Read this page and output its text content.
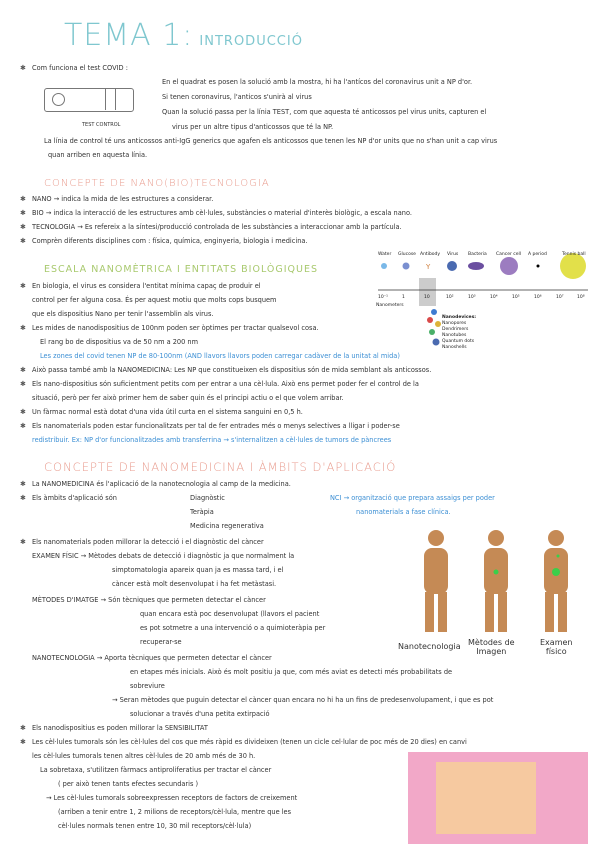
TEMA 1: INTRODUCCIÓ
✱ Com funciona el test COVID :
TEST CONTROL
En el quadrat es posen la solució amb la mostra, hi ha l'antícos del coronavirus unit a NP d'or.
Si tenen coronavirus, l'anticos s'unirà al virus
Quan la solució passa per la línia TEST, com que aquesta té anticossos pel virus units, capturen el
virus per un altre tipus d'anticossos que té la NP.
La línia de control té uns anticossos anti-IgG generics que agafen els anticossos que tenen les NP d'or units que no s'han unit a cap virus
quan arriben en aquesta línia.
CONCEPTE DE NANO(BIO)TECNOLOGIA
✱ NANO → indica la mida de les estructures a considerar.
✱ BIO → indica la interacció de les estructures amb cèl·lules, substàncies o material d'interès biològic, a escala nano.
✱ TECNOLOGIA → Es refereix a la síntesi/producció controlada de les substàncies a interaccionar amb la partícula.
✱ Comprèn diferents disciplines com : física, química, enginyeria, biologia i medicina.
ESCALA NANOMÈTRICA I ENTITATS BIOLÒGIQUES
✱ En biologia, el virus es considera l'entitat mínima capaç de produir el
control per fer alguna cosa. És per aquest motiu que molts cops busquem
que els dispositius Nano per tenir l'assemblin als virus.
✱ Les mides de nanodispositius de 100nm poden ser òptimes per tractar qualsevol cosa.
El rang bo de dispositius va de 50 nm a 200 nm
Les zones del covid tenen NP de 80-100nm (AND llavors llavors poden carregar cadàver de la unitat al mida)
Y
Water Glucose Antibody Virus Bacteria Cancer cell A period	Tennis ball
10⁻¹	1	10	10²	10³	10⁴	10⁵	10⁶	10⁷	10⁸
Nanometers
Nanodevices:
Nanopores
Dendrimers
Nanotubes
Quantum dots
Nanoshells
✱ Això passa també amb la NANOMEDICINA: Les NP que constitueixen els dispositius són de mida semblant als anticossos.
✱ Els nano-dispositius són suficientment petits com per entrar a una cèl·lula. Això ens permet poder fer el control de la
situació, però per fer això primer hem de saber quin és el principi actiu o el que volem arribar.
✱ Un fàrmac normal està dotat d'una vida útil curta en el sistema sanguini en 0,5 h.
✱ Els nanomaterials poden estar funcionalitzats per tal de fer entrades més o menys selectives a lligar i poder-se
redistribuir. Ex: NP d'or funcionalitzades amb transferrina → s'internalitzen a cèl·lules de tumors de pàncrees
CONCEPTE DE NANOMEDICINA I ÀMBITS D'APLICACIÓ
✱ La NANOMEDICINA és l'aplicació de la nanotecnologia al camp de la medicina.
✱ Els àmbits d'aplicació són	Diagnòstic
Teràpia
Medicina regenerativa
NCI → organització que prepara assaigs per poder
nanomaterials a fase clínica.
✱ Els nanomaterials poden millorar la detecció i el diagnòstic del càncer
EXAMEN FÍSIC → Mètodes debats de detecció i diagnòstic ja que normalment la
simptomatologia apareix quan ja es massa tard, i el
càncer està molt desenvolupat i ha fet metàstasi.
MÈTODES D'IMATGE → Són tècniques que permeten detectar el càncer
quan encara està poc desenvolupat (llavors el pacient
es pot sotmetre a una intervenció o a quimioteràpia per
recuperar-se
NANOTECNOLOGIA → Aporta tècniques que permeten detectar el càncer
en etapes més inicials. Això és molt positiu ja que, com més aviat es detecti més probabilitats de
sobreviure
→ Seran mètodes que puguin detectar el càncer quan encara no hi ha un fins de predesenvolupament, i que es pot
solucionar a través d'una petita extirpació
✱ Els nanodispositius es poden millorar la SENSIBILITAT
✱ Les cèl·lules tumorals són les cèl·lules del cos que més ràpid es divideixen (tenen un cicle cel·lular de poc més de 20 dies) en canvi
les cèl·lules tumorals tenen altres cèl·lules de 20 amb més de 30 h.
La sobretaxa, s'utilitzen fàrmacs antiproliferatius per tractar el càncer
( per això tenen tants efectes secundaris )
→ Les cèl·lules tumorals sobreexpressen receptors de factors de creixement
(arriben a tenir entre 1, 2 milions de receptors/cèl·lula, mentre que les
cèl·lules normals tenen entre 10, 30 mil receptors/cèl·lula)
Nanotecnologia Mètodes de
Imagen
Examen
físico
